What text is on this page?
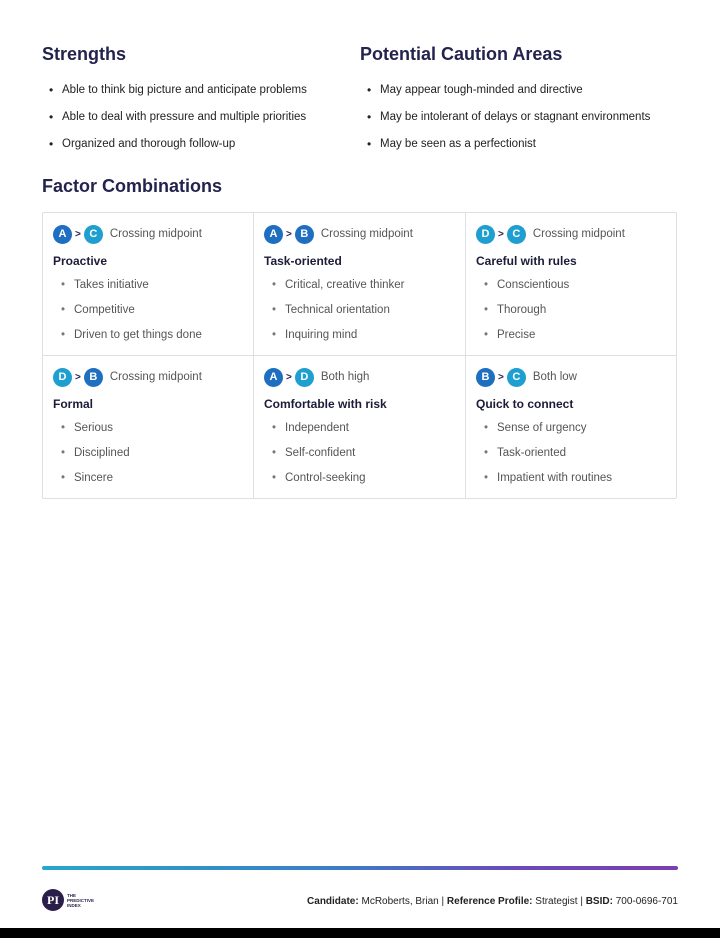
Strengths
• Able to think big picture and anticipate problems
• Able to deal with pressure and multiple priorities
• Organized and thorough follow-up
Potential Caution Areas
• May appear tough-minded and directive
• May be intolerant of delays or stagnant environments
• May be seen as a perfectionist
Factor Combinations
A > C	Crossing midpoint
Proactive
• Takes initiative
• Competitive
• Driven to get things done
A > B	Crossing midpoint
Task-oriented
• Critical, creative thinker
• Technical orientation
• Inquiring mind
D > C	Crossing midpoint
Careful with rules
• Conscientious
• Thorough
• Precise
D > B	Crossing midpoint
Formal
• Serious
• Disciplined
• Sincere
A > D	Both high
Comfortable with risk
• Independent
• Self-confident
• Control-seeking
B > C	Both low
Quick to connect
• Sense of urgency
• Task-oriented
• Impatient with routines
PI	THE PREDICTIVE INDEX	Candidate: McRoberts, Brian | Reference Profile: Strategist | BSID: 700-0696-701
